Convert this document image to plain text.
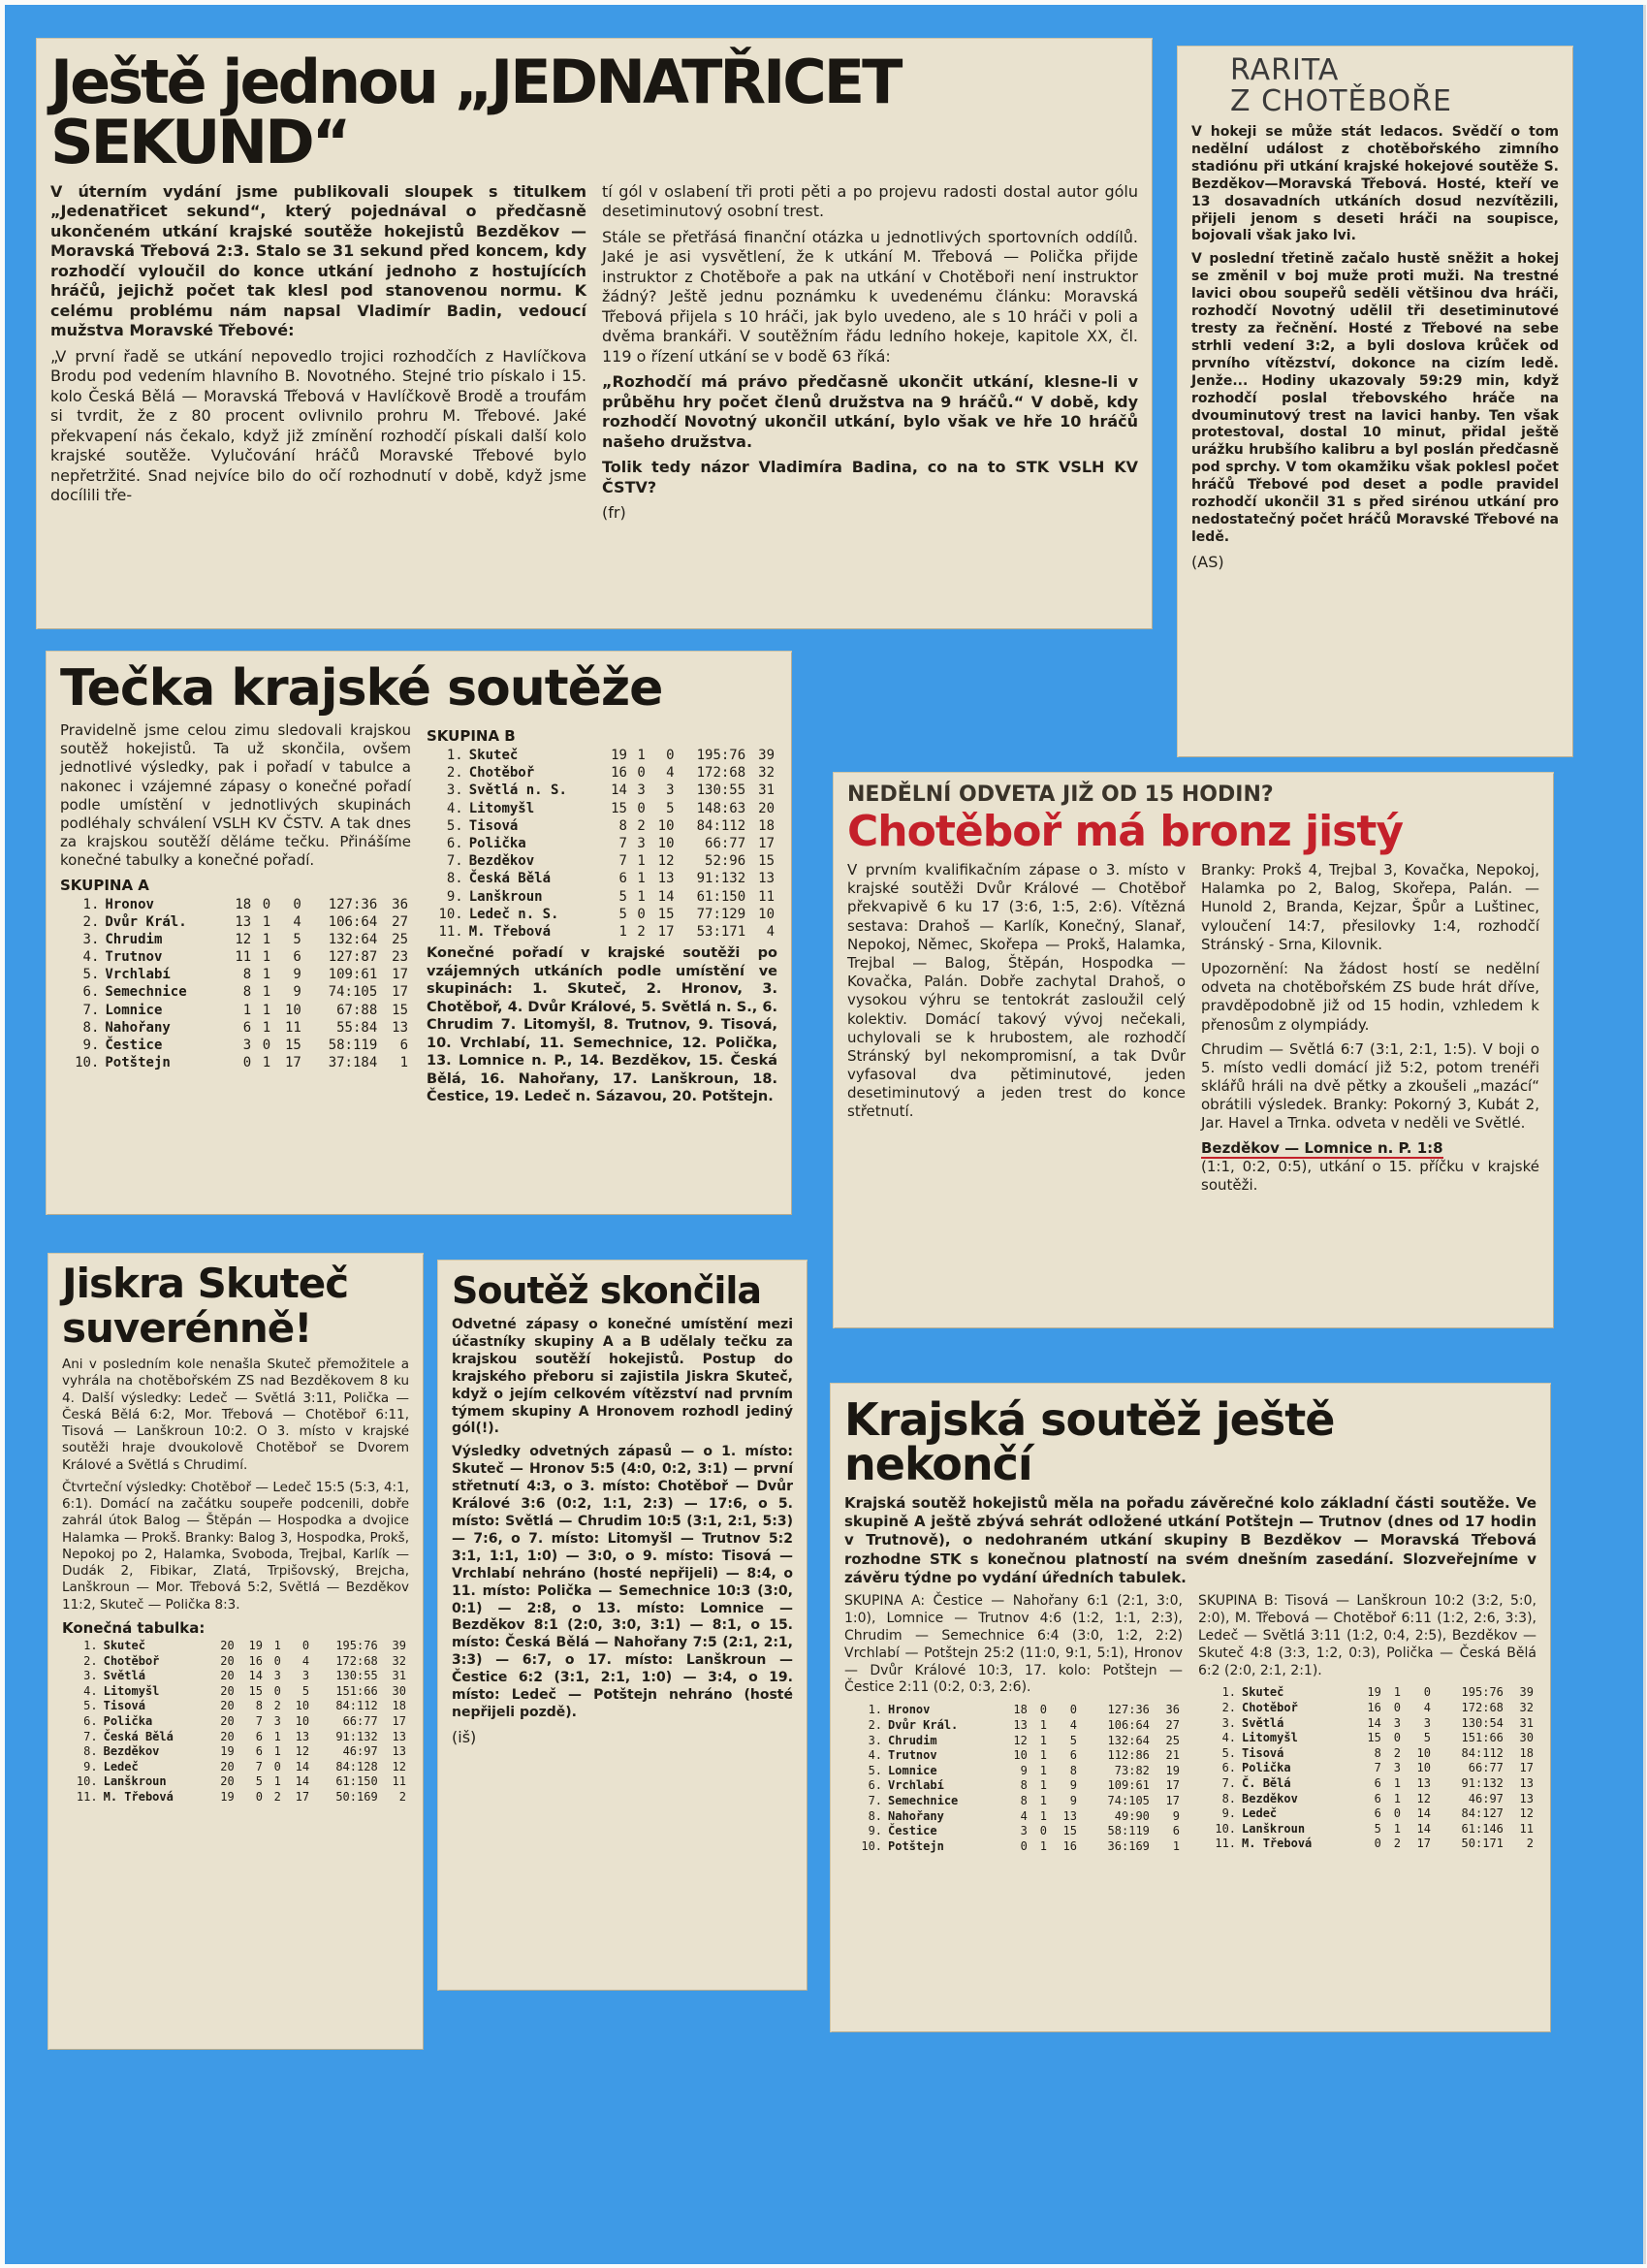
Ještě jednou „JEDNATŘICET SEKUND“

V úterním vydání jsme publikovali sloupek s titulkem „Jedenatřicet sekund“, který pojednával o předčasně ukončeném utkání krajské soutěže hokejistů Bezděkov — Moravská Třebová 2:3. Stalo se 31 sekund před koncem, kdy rozhodčí vyloučil do konce utkání jednoho z hostujících hráčů, jejichž počet tak klesl pod stanovenou normu. K celému problému nám napsal Vladimír Badin, vedoucí mužstva Moravské Třebové:

„V první řadě se utkání nepovedlo trojici rozhodčích z Havlíčkova Brodu pod vedením hlavního B. Novotného. Stejné trio pískalo i 15. kolo Česká Bělá — Moravská Třebová v Havlíčkově Brodě a troufám si tvrdit, že z 80 procent ovlivnilo prohru M. Třebové. Jaké překvapení nás čekalo, když již zmínění rozhodčí pískali další kolo krajské soutěže. Vylučování hráčů Moravské Třebové bylo nepřetržité. Snad nejvíce bilo do očí rozhodnutí v době, když jsme docílili tře-

tí gól v oslabení tři proti pěti a po projevu radosti dostal autor gólu desetiminutový osobní trest.

Stále se přetřásá finanční otázka u jednotlivých sportovních oddílů. Jaké je asi vysvětlení, že k utkání M. Třebová — Polička přijde instruktor z Chotěboře a pak na utkání v Chotěboři není instruktor žádný? Ještě jednu poznámku k uvedenému článku: Moravská Třebová přijela s 10 hráči, jak bylo uvedeno, ale s 10 hráči v poli a dvěma brankáři. V soutěžním řádu ledního hokeje, kapitole XX, čl. 119 o řízení utkání se v bodě 63 říká:

„Rozhodčí má právo předčasně ukončit utkání, klesne-li v průběhu hry počet členů družstva na 9 hráčů.“ V době, kdy rozhodčí Novotný ukončil utkání, bylo však ve hře 10 hráčů našeho družstva.

Tolik tedy názor Vladimíra Badina, co na to STK VSLH KV ČSTV?

(fr)

RARITA
Z CHOTĚBOŘE

V hokeji se může stát ledacos. Svědčí o tom nedělní událost z chotěbořského zimního stadiónu při utkání krajské hokejové soutěže S. Bezděkov—Moravská Třebová. Hosté, kteří ve 13 dosavadních utkáních dosud nezvítězili, přijeli jenom s deseti hráči na soupisce, bojovali však jako lvi.

V poslední třetině začalo hustě sněžit a hokej se změnil v boj muže proti muži. Na trestné lavici obou soupeřů seděli většinou dva hráči, rozhodčí Novotný udělil tři desetiminutové tresty za řečnění. Hosté z Třebové na sebe strhli vedení 3:2, a byli doslova krůček od prvního vítězství, dokonce na cizím ledě. Jenže... Hodiny ukazovaly 59:29 min, když rozhodčí poslal třebovského hráče na dvouminutový trest na lavici hanby. Ten však protestoval, dostal 10 minut, přidal ještě urážku hrubšího kalibru a byl poslán předčasně pod sprchy. V tom okamžiku však poklesl počet hráčů Třebové pod deset a podle pravidel rozhodčí ukončil 31 s před sirénou utkání pro nedostatečný počet hráčů Moravské Třebové na ledě.

(AS)

Tečka krajské soutěže

Pravidelně jsme celou zimu sledovali krajskou soutěž hokejistů. Ta už skončila, ovšem jednotlivé výsledky, pak i pořadí v tabulce a nakonec i vzájemné zápasy o konečné pořadí podle umístění v jednotlivých skupinách podléhaly schválení VSLH KV ČSTV. A tak dnes za krajskou soutěží děláme tečku. Přinášíme konečné tabulky a konečné pořadí.

SKUPINA A
1.	Hronov	18	0	0	127:36	36
2.	Dvůr Král.	13	1	4	106:64	27
3.	Chrudim	12	1	5	132:64	25
4.	Trutnov	11	1	6	127:87	23
5.	Vrchlabí	8	1	9	109:61	17
6.	Semechnice	8	1	9	74:105	17
7.	Lomnice	1	1	10	67:88	15
8.	Nahořany	6	1	11	55:84	13
9.	Čestice	3	0	15	58:119	6
10.	Potštejn	0	1	17	37:184	1
SKUPINA B
1.	Skuteč	19	1	0	195:76	39
2.	Chotěboř	16	0	4	172:68	32
3.	Světlá n. S.	14	3	3	130:55	31
4.	Litomyšl	15	0	5	148:63	20
5.	Tisová	8	2	10	84:112	18
6.	Polička	7	3	10	66:77	17
7.	Bezděkov	7	1	12	52:96	15
8.	Česká Bělá	6	1	13	91:132	13
9.	Lanškroun	5	1	14	61:150	11
10.	Ledeč n. S.	5	0	15	77:129	10
11.	M. Třebová	1	2	17	53:171	4

Konečné pořadí v krajské soutěži po vzájemných utkáních podle umístění ve skupinách: 1. Skuteč, 2. Hronov, 3. Chotěboř, 4. Dvůr Králové, 5. Světlá n. S., 6. Chrudim 7. Litomyšl, 8. Trutnov, 9. Tisová, 10. Vrchlabí, 11. Semechnice, 12. Polička, 13. Lomnice n. P., 14. Bezděkov, 15. Česká Bělá, 16. Nahořany, 17. Lanškroun, 18. Čestice, 19. Ledeč n. Sázavou, 20. Potštejn.

NEDĚLNÍ ODVETA JIŽ OD 15 HODIN?
Chotěboř má bronz jistý

V prvním kvalifikačním zápase o 3. místo v krajské soutěži Dvůr Králové — Chotěboř překvapivě 6 ku 17 (3:6, 1:5, 2:6). Vítězná sestava: Drahoš — Karlík, Konečný, Slanař, Nepokoj, Němec, Skořepa — Prokš, Halamka, Trejbal — Balog, Štěpán, Hospodka — Kovačka, Palán. Dobře zachytal Drahoš, o vysokou výhru se tentokrát zasloužil celý kolektiv. Domácí takový vývoj nečekali, uchylovali se k hrubostem, ale rozhodčí Stránský byl nekompromisní, a tak Dvůr vyfasoval dva pětiminutové, jeden desetiminutový a jeden trest do konce střetnutí.

Branky: Prokš 4, Trejbal 3, Kovačka, Nepokoj, Halamka po 2, Balog, Skořepa, Palán. — Hunold 2, Branda, Kejzar, Špůr a Luštinec, vyloučení 14:7, přesilovky 1:4, rozhodčí Stránský - Srna, Kilovnik.

Upozornění: Na žádost hostí se nedělní odveta na chotěbořském ZS bude hrát dříve, pravděpodobně již od 15 hodin, vzhledem k přenosům z olympiády.

Chrudim — Světlá 6:7 (3:1, 2:1, 1:5). V boji o 5. místo vedli domácí již 5:2, potom trenéři sklářů hráli na dvě pětky a zkoušeli „mazácí“ obrátili výsledek. Branky: Pokorný 3, Kubát 2, Jar. Havel a Trnka. odveta v neděli ve Světlé.

Bezděkov — Lomnice n. P. 1:8

(1:1, 0:2, 0:5), utkání o 15. příčku v krajské soutěži.

Jiskra Skuteč
suverénně!

Ani v posledním kole nenašla Skuteč přemožitele a vyhrála na chotěbořském ZS nad Bezděkovem 8 ku 4. Další výsledky: Ledeč — Světlá 3:11, Polička — Česká Bělá 6:2, Mor. Třebová — Chotěboř 6:11, Tisová — Lanškroun 10:2. O 3. místo v krajské soutěži hraje dvoukolově Chotěboř se Dvorem Králové a Světlá s Chrudimí.

Čtvrteční výsledky: Chotěboř — Ledeč 15:5 (5:3, 4:1, 6:1). Domácí na začátku soupeře podcenili, dobře zahrál útok Balog — Štěpán — Hospodka a dvojice Halamka — Prokš. Branky: Balog 3, Hospodka, Prokš, Nepokoj po 2, Halamka, Svoboda, Trejbal, Karlík — Dudák 2, Fibikar, Zlatá, Trpišovský, Brejcha, Lanškroun — Mor. Třebová 5:2, Světlá — Bezděkov 11:2, Skuteč — Polička 8:3.

Konečná tabulka:
1.	Skuteč	20	19	1	0	195:76	39
2.	Chotěboř	20	16	0	4	172:68	32
3.	Světlá	20	14	3	3	130:55	31
4.	Litomyšl	20	15	0	5	151:66	30
5.	Tisová	20	8	2	10	84:112	18
6.	Polička	20	7	3	10	66:77	17
7.	Česká Bělá	20	6	1	13	91:132	13
8.	Bezděkov	19	6	1	12	46:97	13
9.	Ledeč	20	7	0	14	84:128	12
10.	Lanškroun	20	5	1	14	61:150	11
11.	M. Třebová	19	0	2	17	50:169	2
Soutěž skončila

Odvetné zápasy o konečné umístění mezi účastníky skupiny A a B udělaly tečku za krajskou soutěží hokejistů. Postup do krajského přeboru si zajistila Jiskra Skuteč, když o jejím celkovém vítězství nad prvním týmem skupiny A Hronovem rozhodl jediný gól(!).

Výsledky odvetných zápasů — o 1. místo: Skuteč — Hronov 5:5 (4:0, 0:2, 3:1) — první střetnutí 4:3, o 3. místo: Chotěboř — Dvůr Králové 3:6 (0:2, 1:1, 2:3) — 17:6, o 5. místo: Světlá — Chrudim 10:5 (3:1, 2:1, 5:3) — 7:6, o 7. místo: Litomyšl — Trutnov 5:2 3:1, 1:1, 1:0) — 3:0, o 9. místo: Tisová — Vrchlabí nehráno (hosté nepřijeli) — 8:4, o 11. místo: Polička — Semechnice 10:3 (3:0, 0:1) — 2:8, o 13. místo: Lomnice — Bezděkov 8:1 (2:0, 3:0, 3:1) — 8:1, o 15. místo: Česká Bělá — Nahořany 7:5 (2:1, 2:1, 3:3) — 6:7, o 17. místo: Lanškroun — Čestice 6:2 (3:1, 2:1, 1:0) — 3:4, o 19. místo: Ledeč — Potštejn nehráno (hosté nepřijeli pozdě).

(iš)

Krajská soutěž ještě nekončí

Krajská soutěž hokejistů měla na pořadu závěrečné kolo základní části soutěže. Ve skupině A ještě zbývá sehrát odložené utkání Potštejn — Trutnov (dnes od 17 hodin v Trutnově), o nedohraném utkání skupiny B Bezděkov — Moravská Třebová rozhodne STK s konečnou platností na svém dnešním zasedání. Slozveřejníme v závěru týdne po vydání úředních tabulek.

SKUPINA A: Čestice — Nahořany 6:1 (2:1, 3:0, 1:0), Lomnice — Trutnov 4:6 (1:2, 1:1, 2:3), Chrudim — Semechnice 6:4 (3:0, 1:2, 2:2) Vrchlabí — Potštejn 25:2 (11:0, 9:1, 5:1), Hronov — Dvůr Králové 10:3, 17. kolo: Potštejn — Čestice 2:11 (0:2, 0:3, 2:6).

1.	Hronov	18	0	0	127:36	36
2.	Dvůr Král.	13	1	4	106:64	27
3.	Chrudim	12	1	5	132:64	25
4.	Trutnov	10	1	6	112:86	21
5.	Lomnice	9	1	8	73:82	19
6.	Vrchlabí	8	1	9	109:61	17
7.	Semechnice	8	1	9	74:105	17
8.	Nahořany	4	1	13	49:90	9
9.	Čestice	3	0	15	58:119	6
10.	Potštejn	0	1	16	36:169	1

SKUPINA B: Tisová — Lanškroun 10:2 (3:2, 5:0, 2:0), M. Třebová — Chotěboř 6:11 (1:2, 2:6, 3:3), Ledeč — Světlá 3:11 (1:2, 0:4, 2:5), Bezděkov — Skuteč 4:8 (3:3, 1:2, 0:3), Polička — Česká Bělá 6:2 (2:0, 2:1, 2:1).

1.	Skuteč	19	1	0	195:76	39
2.	Chotěboř	16	0	4	172:68	32
3.	Světlá	14	3	3	130:54	31
4.	Litomyšl	15	0	5	151:66	30
5.	Tisová	8	2	10	84:112	18
6.	Polička	7	3	10	66:77	17
7.	Č. Bělá	6	1	13	91:132	13
8.	Bezděkov	6	1	12	46:97	13
9.	Ledeč	6	0	14	84:127	12
10.	Lanškroun	5	1	14	61:146	11
11.	M. Třebová	0	2	17	50:171	2
